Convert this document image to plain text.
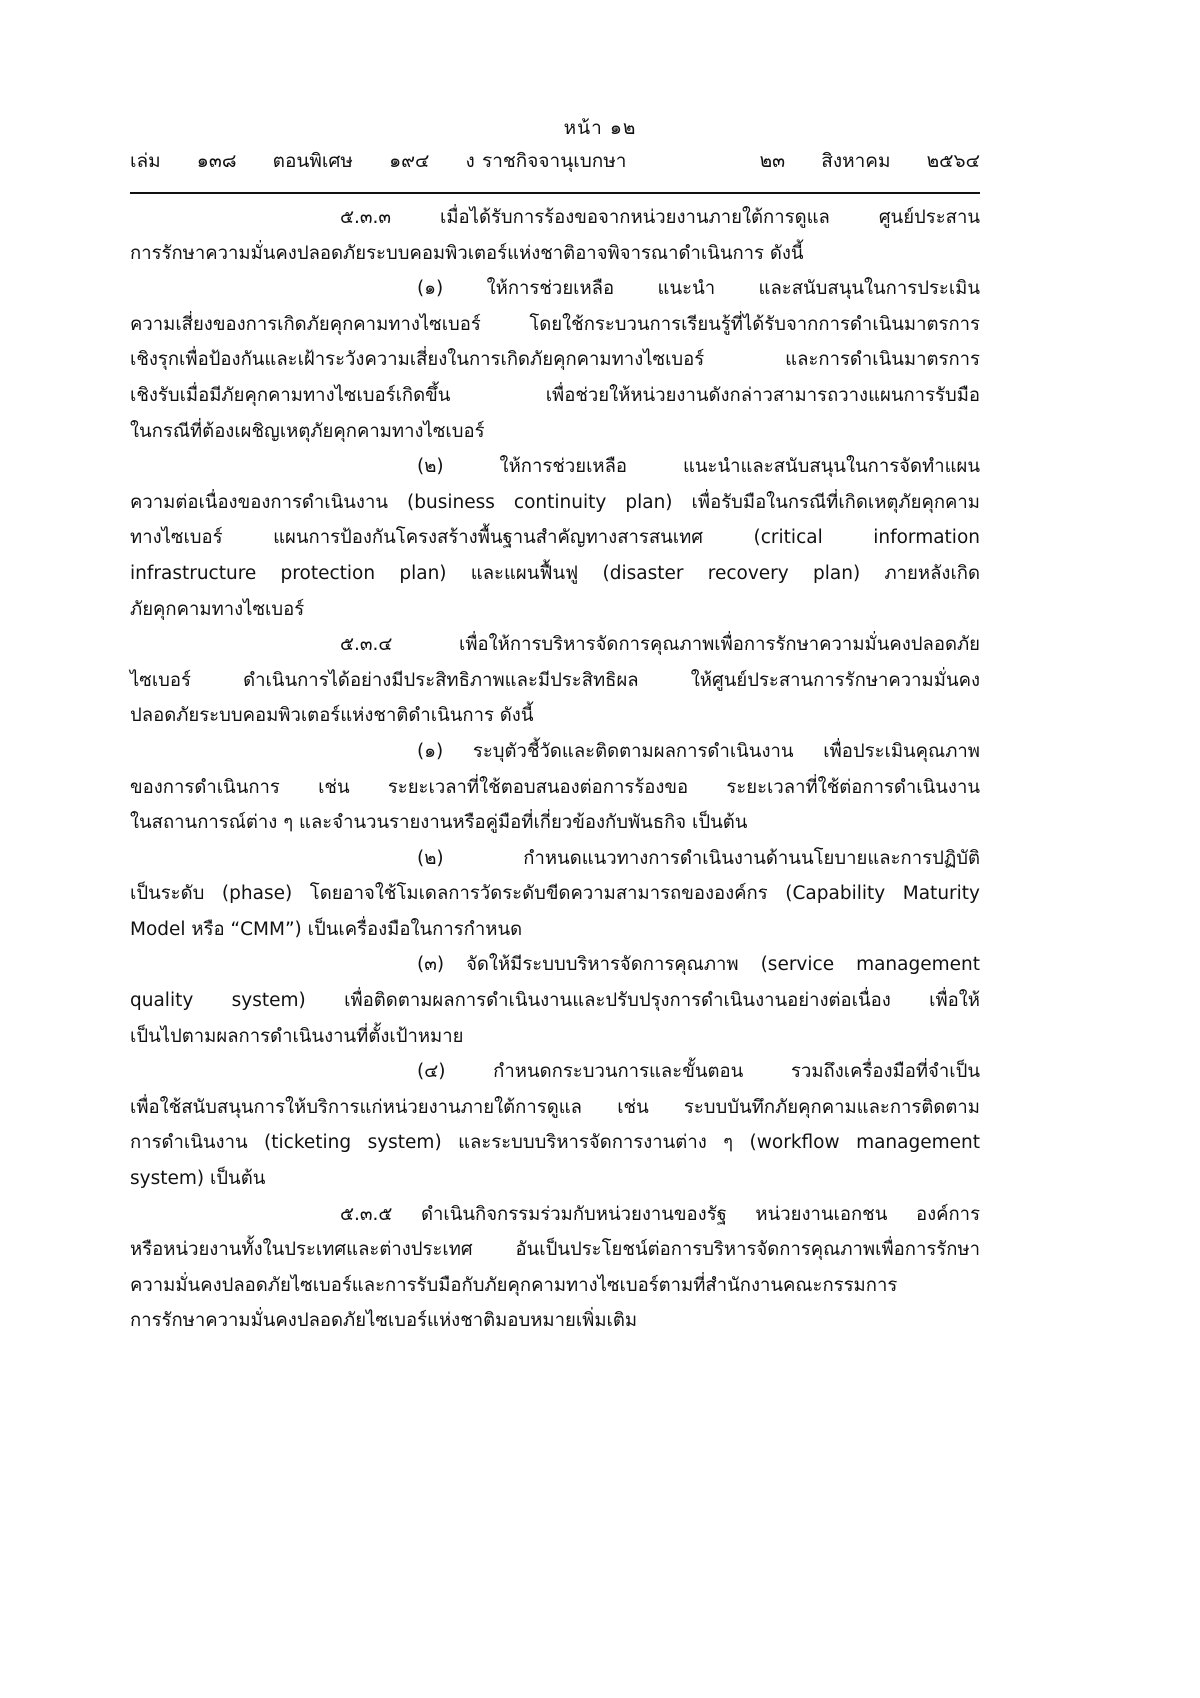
หน้า ๑๒
เล่ม   ๑๓๘   ตอนพิเศษ   ๑๙๔   ง ราชกิจจานุเบกษา	๒๓   สิงหาคม   ๒๕๖๔
๕.๓.๓ เมื่อได้รับการร้องขอจากหน่วยงานภายใต้การดูแล ศูนย์ประสาน
การรักษาความมั่นคงปลอดภัยระบบคอมพิวเตอร์แห่งชาติอาจพิจารณาดำเนินการ ดังนี้
(๑) ให้การช่วยเหลือ แนะนำ และสนับสนุนในการประเมิน
ความเสี่ยงของการเกิดภัยคุกคามทางไซเบอร์ โดยใช้กระบวนการเรียนรู้ที่ได้รับจากการดำเนินมาตรการ
เชิงรุกเพื่อป้องกันและเฝ้าระวังความเสี่ยงในการเกิดภัยคุกคามทางไซเบอร์ และการดำเนินมาตรการ
เชิงรับเมื่อมีภัยคุกคามทางไซเบอร์เกิดขึ้น เพื่อช่วยให้หน่วยงานดังกล่าวสามารถวางแผนการรับมือ
ในกรณีที่ต้องเผชิญเหตุภัยคุกคามทางไซเบอร์
(๒) ให้การช่วยเหลือ แนะนำและสนับสนุนในการจัดทำแผน
ความต่อเนื่องของการดำเนินงาน (business continuity plan) เพื่อรับมือในกรณีที่เกิดเหตุภัยคุกคาม
ทางไซเบอร์ แผนการป้องกันโครงสร้างพื้นฐานสำคัญทางสารสนเทศ (critical information
infrastructure protection plan) และแผนฟื้นฟู (disaster recovery plan) ภายหลังเกิด
ภัยคุกคามทางไซเบอร์
๕.๓.๔ เพื่อให้การบริหารจัดการคุณภาพเพื่อการรักษาความมั่นคงปลอดภัย
ไซเบอร์ ดำเนินการได้อย่างมีประสิทธิภาพและมีประสิทธิผล ให้ศูนย์ประสานการรักษาความมั่นคง
ปลอดภัยระบบคอมพิวเตอร์แห่งชาติดำเนินการ ดังนี้
(๑) ระบุตัวชี้วัดและติดตามผลการดำเนินงาน เพื่อประเมินคุณภาพ
ของการดำเนินการ เช่น ระยะเวลาที่ใช้ตอบสนองต่อการร้องขอ ระยะเวลาที่ใช้ต่อการดำเนินงาน
ในสถานการณ์ต่าง ๆ และจำนวนรายงานหรือคู่มือที่เกี่ยวข้องกับพันธกิจ เป็นต้น
(๒) กำหนดแนวทางการดำเนินงานด้านนโยบายและการปฏิบัติ
เป็นระดับ (phase) โดยอาจใช้โมเดลการวัดระดับขีดความสามารถขององค์กร (Capability Maturity
Model หรือ “CMM”) เป็นเครื่องมือในการกำหนด
(๓) จัดให้มีระบบบริหารจัดการคุณภาพ (service management
quality system) เพื่อติดตามผลการดำเนินงานและปรับปรุงการดำเนินงานอย่างต่อเนื่อง เพื่อให้
เป็นไปตามผลการดำเนินงานที่ตั้งเป้าหมาย
(๔) กำหนดกระบวนการและขั้นตอน รวมถึงเครื่องมือที่จำเป็น
เพื่อใช้สนับสนุนการให้บริการแก่หน่วยงานภายใต้การดูแล เช่น ระบบบันทึกภัยคุกคามและการติดตาม
การดำเนินงาน (ticketing system) และระบบบริหารจัดการงานต่าง ๆ (workflow management
system) เป็นต้น
๕.๓.๕ ดำเนินกิจกรรมร่วมกับหน่วยงานของรัฐ หน่วยงานเอกชน องค์การ
หรือหน่วยงานทั้งในประเทศและต่างประเทศ อันเป็นประโยชน์ต่อการบริหารจัดการคุณภาพเพื่อการรักษา
ความมั่นคงปลอดภัยไซเบอร์และการรับมือกับภัยคุกคามทางไซเบอร์ตามที่สำนักงานคณะกรรมการ
การรักษาความมั่นคงปลอดภัยไซเบอร์แห่งชาติมอบหมายเพิ่มเติม
